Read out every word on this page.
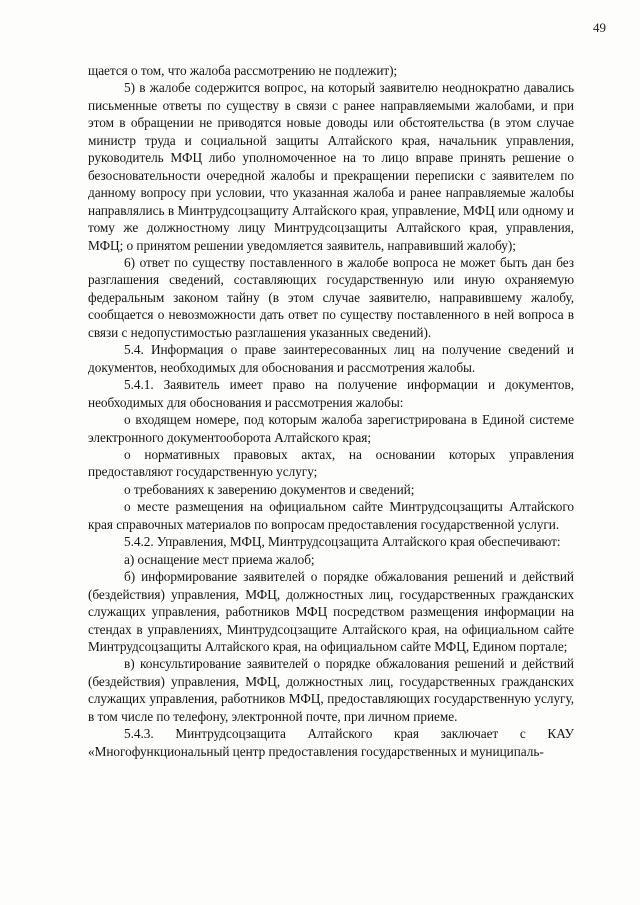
49

щается о том, что жалоба рассмотрению не подлежит);

5) в жалобе содержится вопрос, на который заявителю неоднократно давались письменные ответы по существу в связи с ранее направляемыми жалобами, и при этом в обращении не приводятся новые доводы или обстоятельства (в этом случае министр труда и социальной защиты Алтайского края, начальник управления, руководитель МФЦ либо уполномоченное на то лицо вправе принять решение о безосновательности очередной жалобы и прекращении переписки с заявителем по данному вопросу при условии, что указанная жалоба и ранее направляемые жалобы направлялись в Минтрудсоцзащиту Алтайского края, управление, МФЦ или одному и тому же должностному лицу Минтрудсоцзащиты Алтайского края, управления, МФЦ; о принятом решении уведомляется заявитель, направивший жалобу);

6) ответ по существу поставленного в жалобе вопроса не может быть дан без разглашения сведений, составляющих государственную или иную охраняемую федеральным законом тайну (в этом случае заявителю, направившему жалобу, сообщается о невозможности дать ответ по существу поставленного в ней вопроса в связи с недопустимостью разглашения указанных сведений).

5.4. Информация о праве заинтересованных лиц на получение сведений и документов, необходимых для обоснования и рассмотрения жалобы.

5.4.1. Заявитель имеет право на получение информации и документов, необходимых для обоснования и рассмотрения жалобы:

о входящем номере, под которым жалоба зарегистрирована в Единой системе электронного документооборота Алтайского края;

о нормативных правовых актах, на основании которых управления предоставляют государственную услугу;

о требованиях к заверению документов и сведений;

о месте размещения на официальном сайте Минтрудсоцзащиты Алтайского края справочных материалов по вопросам предоставления государственной услуги.

5.4.2. Управления, МФЦ, Минтрудсоцзащита Алтайского края обеспечивают:

а) оснащение мест приема жалоб;

б) информирование заявителей о порядке обжалования решений и действий (бездействия) управления, МФЦ, должностных лиц, государственных гражданских служащих управления, работников МФЦ посредством размещения информации на стендах в управлениях, Минтрудсоцзащите Алтайского края, на официальном сайте Минтрудсоцзащиты Алтайского края, на официальном сайте МФЦ, Едином портале;

в) консультирование заявителей о порядке обжалования решений и действий (бездействия) управления, МФЦ, должностных лиц, государственных гражданских служащих управления, работников МФЦ, предоставляющих государственную услугу, в том числе по телефону, электронной почте, при личном приеме.

5.4.3. Минтрудсоцзащита Алтайского края заключает с КАУ «Многофункциональный центр предоставления государственных и муниципаль-
